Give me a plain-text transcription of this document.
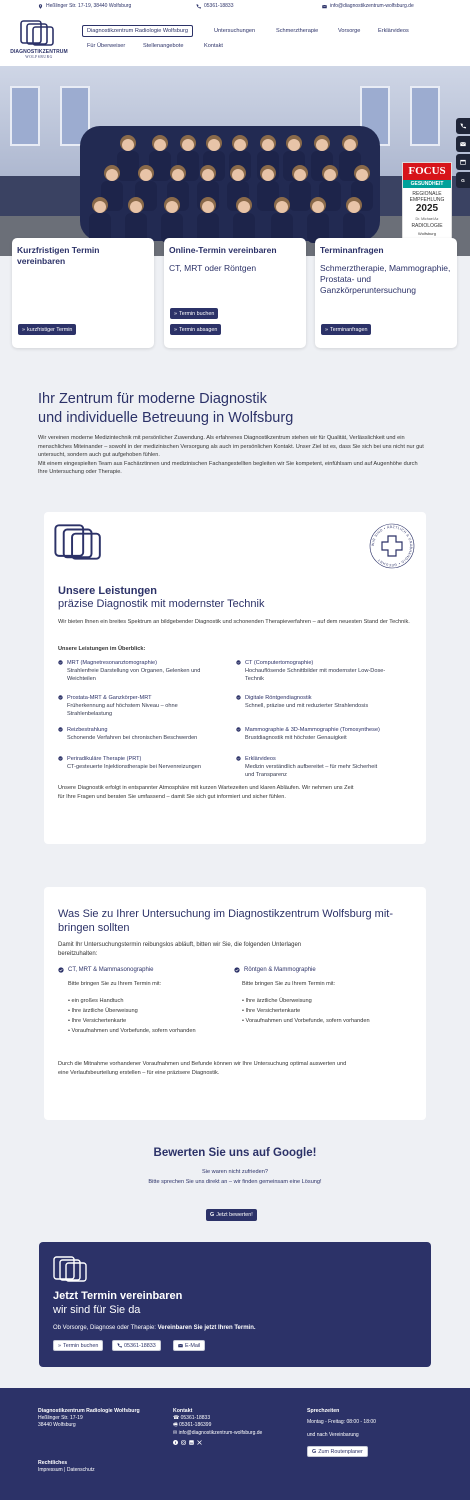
Heßlinger Str. 17-19, 38440 Wolfsburg	05361-18833	info@diagnostikzentrum-wolfsburg.de
DIAGNOSTIKZENTRUM
WOLFSBURG
Diagnostikzentrum Radiologie Wolfsburg	Untersuchungen	Schmerztherapie	Vorsorge	Erklärvideos
Für Überweiser	Stellenangebote	Kontakt
FOCUS
GESUNDHEIT
REGIONALE
EMPFEHLUNG
2025
Dr. Michael Az
RADIOLOGIE
Wolfsburg
G
Kurzfristigen Termin vereinbaren
» kurzfristiger Termin
Online-Termin vereinbaren
CT, MRT oder Röntgen
» Termin buchen
» Termin absagen
Terminanfragen
Schmerztherapie, Mammographie, Prostata- und Ganzkörperuntersuchung
» Terminanfragen
Ihr Zentrum für moderne Diagnostik
und individuelle Betreuung in Wolfsburg
Wir vereinen moderne Medizintechnik mit persönlicher Zuwendung. Als erfahrenes Diagnostikzentrum stehen wir für Qualität, Verlässlichkeit und ein menschliches Miteinander – sowohl in der medizinischen Versorgung als auch im persönlichen Kontakt. Unser Ziel ist es, dass Sie sich bei uns nicht nur gut untersucht, sondern auch gut aufgehoben fühlen.
Mit einem eingespielten Team aus Fachärztinnen und medizinischen Fachangestellten begleiten wir Sie kompetent, einfühlsam und auf Augenhöhe durch Ihre Untersuchung oder Therapie.
WIR SIND • ÄRZTLICH & UNABHÄNGIG • GEFÜHRT
Unsere Leistungen
präzise Diagnostik mit modernster Technik
Wir bieten Ihnen ein breites Spektrum an bildgebender Diagnostik und schonenden Therapieverfahren – auf dem neuesten Stand der Technik.
Unsere Leistungen im Überblick:
MRT (Magnetresonanztomographie)
Strahlenfreie Darstellung von Organen, Gelenken und
Weichteilen
Prostata-MRT & Ganzkörper-MRT
Früherkennung auf höchstem Niveau – ohne
Strahlenbelastung
Reizbestrahlung
Schonende Verfahren bei chronischen Beschwerden
Periradikuläre Therapie (PRT)
CT-gesteuerte Injektionstherapie bei Nervenreizungen
CT (Computertomographie)
Hochauflösende Schnittbilder mit modernster Low-Dose-
Technik
Digitale Röntgendiagnostik
Schnell, präzise und mit reduzierter Strahlendosis
Mammographie & 3D-Mammographie (Tomosynthese)
Brustdiagnostik mit höchster Genauigkeit
Erklärvideos
Medizin verständlich aufbereitet – für mehr Sicherheit
und Transparenz
Unsere Diagnostik erfolgt in entspannter Atmosphäre mit kurzen Wartezeiten und klaren Abläufen. Wir nehmen uns Zeit
für Ihre Fragen und beraten Sie umfassend – damit Sie sich gut informiert und sicher fühlen.
Was Sie zu Ihrer Untersuchung im Diagnostikzentrum Wolfsburg mit-
bringen sollten
Damit Ihr Untersuchungstermin reibungslos abläuft, bitten wir Sie, die folgenden Unterlagen
bereitzuhalten:
CT, MRT & Mammasonographie
Bitte bringen Sie zu Ihrem Termin mit:
• ein großes Handtuch
• Ihre ärztliche Überweisung
• Ihre Versichertenkarte
• Voraufnahmen und Vorbefunde, sofern vorhanden
Röntgen & Mammographie
Bitte bringen Sie zu Ihrem Termin mit:
• Ihre ärztliche Überweisung
• Ihre Versichertenkarte
• Voraufnahmen und Vorbefunde, sofern vorhanden
Durch die Mitnahme vorhandener Voraufnahmen und Befunde können wir Ihre Untersuchung optimal auswerten und
eine Verlaufsbeurteilung erstellen – für eine präzisere Diagnostik.
Bewerten Sie uns auf Google!
Sie waren nicht zufrieden?
Bitte sprechen Sie uns direkt an – wir finden gemeinsam eine Lösung!
G Jetzt bewerten!
Jetzt Termin vereinbaren
wir sind für Sie da
Ob Vorsorge, Diagnose oder Therapie: Vereinbaren Sie jetzt Ihren Termin.
» Termin buchen	05361-18833	E-Mail
Diagnostikzentrum Radiologie Wolfsburg
Heßlinger Str. 17-19
38440 Wolfsburg
Kontakt
☎ 05361-18833
🖷 05361-186399
✉ info@diagnostikzentrum-wolfsburg.de
f in
Sprechzeiten
Montag - Freitag: 08:00 - 18:00
und nach Vereinbarung
G Zum Routenplaner
Rechtliches
Impressum | Datenschutz
